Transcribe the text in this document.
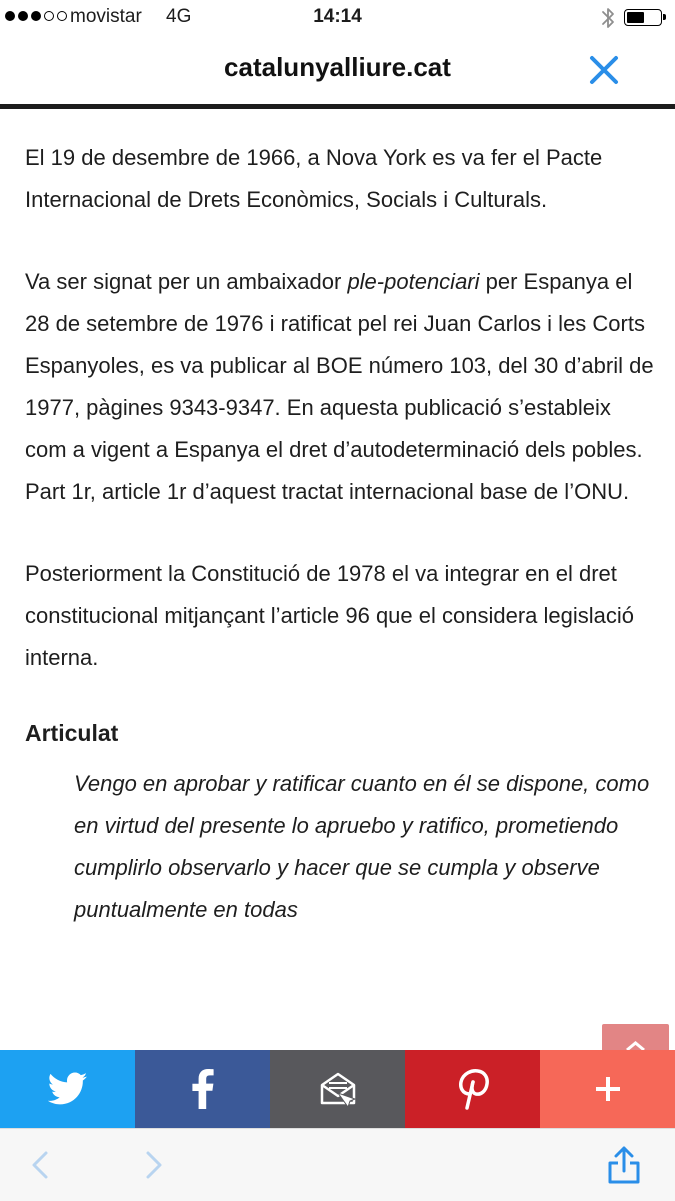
movistar 4G	14:14
catalunyalliure.cat

El 19 de desembre de 1966, a Nova York es va fer el Pacte Internacional de Drets Econòmics, Socials i Culturals.

Va ser signat per un ambaixador ple-potenciari per Espanya el 28 de setembre de 1976 i ratificat pel rei Juan Carlos i les Corts Espanyoles, es va publicar al BOE número 103, del 30 d’abril de 1977, pàgines 9343-9347. En aquesta publicació s’estableix com a vigent a Espanya el dret d’autodeterminació dels pobles. Part 1r, article 1r d’aquest tractat internacional base de l’ONU.

Posteriorment la Constitució de 1978 el va integrar en el dret constitucional mitjançant l’article 96 que el considera legislació interna.

Articulat
Vengo en aprobar y ratificar cuanto en él se dispone, como en virtud del presente lo apruebo y ratifico, prometiendo cumplirlo observarlo y hacer que se cumpla y observe puntualmente en todas
